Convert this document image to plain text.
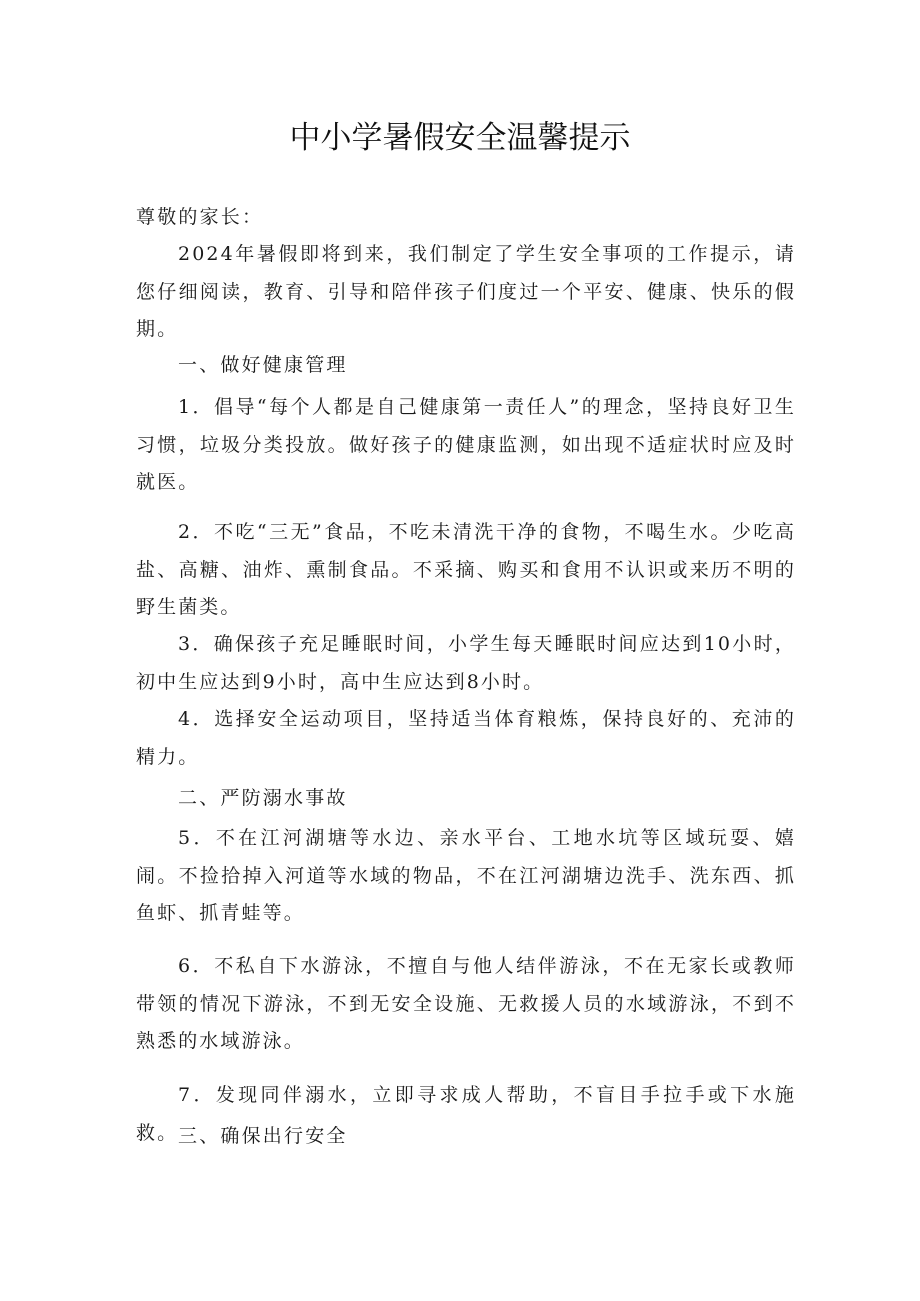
中小学暑假安全温馨提示

尊敬的家长：

2024年暑假即将到来，我们制定了学生安全事项的工作提示，请您仔细阅读，教育、引导和陪伴孩子们度过一个平安、健康、快乐的假期。

一、做好健康管理

1．倡导“每个人都是自己健康第一责任人”的理念，坚持良好卫生习惯，垃圾分类投放。做好孩子的健康监测，如出现不适症状时应及时就医。

2．不吃“三无”食品，不吃未清洗干净的食物，不喝生水。少吃高盐、高糖、油炸、熏制食品。不采摘、购买和食用不认识或来历不明的野生菌类。

3．确保孩子充足睡眠时间，小学生每天睡眠时间应达到10小时，初中生应达到9小时，高中生应达到8小时。

4．选择安全运动项目，坚持适当体育粮炼，保持良好的、充沛的精力。

二、严防溺水事故

5．不在江河湖塘等水边、亲水平台、工地水坑等区域玩耍、嬉闹。不捡拾掉入河道等水域的物品，不在江河湖塘边洗手、洗东西、抓鱼虾、抓青蛙等。

6．不私自下水游泳，不擅自与他人结伴游泳，不在无家长或教师带领的情况下游泳，不到无安全设施、无救援人员的水域游泳，不到不熟悉的水域游泳。

7．发现同伴溺水，立即寻求成人帮助，不盲目手拉手或下水施救。 三、确保出行安全
